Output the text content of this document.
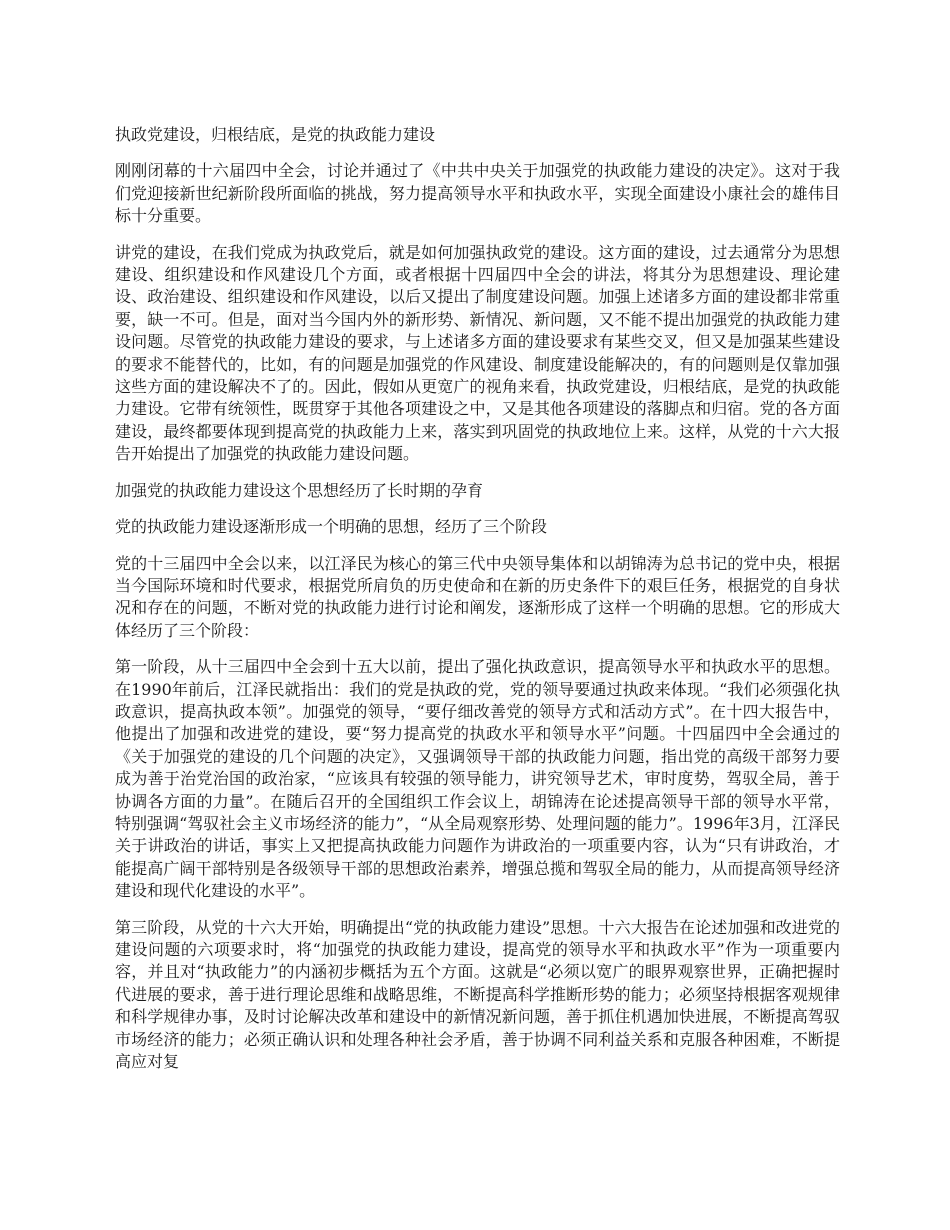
执政党建设，归根结底，是党的执政能力建设
刚刚闭幕的十六届四中全会，讨论并通过了《中共中央关于加强党的执政能力建设的决定》。这对于我们党迎接新世纪新阶段所面临的挑战，努力提高领导水平和执政水平，实现全面建设小康社会的雄伟目标十分重要。
讲党的建设，在我们党成为执政党后，就是如何加强执政党的建设。这方面的建设，过去通常分为思想建设、组织建设和作风建设几个方面，或者根据十四届四中全会的讲法，将其分为思想建设、理论建设、政治建设、组织建设和作风建设，以后又提出了制度建设问题。加强上述诸多方面的建设都非常重要，缺一不可。但是，面对当今国内外的新形势、新情况、新问题，又不能不提出加强党的执政能力建设问题。尽管党的执政能力建设的要求，与上述诸多方面的建设要求有某些交叉，但又是加强某些建设的要求不能替代的，比如，有的问题是加强党的作风建设、制度建设能解决的，有的问题则是仅靠加强这些方面的建设解决不了的。因此，假如从更宽广的视角来看，执政党建设，归根结底，是党的执政能力建设。它带有统领性，既贯穿于其他各项建设之中，又是其他各项建设的落脚点和归宿。党的各方面建设，最终都要体现到提高党的执政能力上来，落实到巩固党的执政地位上来。这样，从党的十六大报告开始提出了加强党的执政能力建设问题。
加强党的执政能力建设这个思想经历了长时期的孕育
党的执政能力建设逐渐形成一个明确的思想，经历了三个阶段
党的十三届四中全会以来，以江泽民为核心的第三代中央领导集体和以胡锦涛为总书记的党中央，根据当今国际环境和时代要求，根据党所肩负的历史使命和在新的历史条件下的艰巨任务，根据党的自身状况和存在的问题，不断对党的执政能力进行讨论和阐发，逐渐形成了这样一个明确的思想。它的形成大体经历了三个阶段：
第一阶段，从十三届四中全会到十五大以前，提出了强化执政意识，提高领导水平和执政水平的思想。在1990年前后，江泽民就指出：我们的党是执政的党，党的领导要通过执政来体现。“我们必须强化执政意识，提高执政本领”。加强党的领导，“要仔细改善党的领导方式和活动方式”。在十四大报告中，他提出了加强和改进党的建设，要“努力提高党的执政水平和领导水平”问题。十四届四中全会通过的《关于加强党的建设的几个问题的决定》，又强调领导干部的执政能力问题，指出党的高级干部努力要成为善于治党治国的政治家，“应该具有较强的领导能力，讲究领导艺术，审时度势，驾驭全局，善于协调各方面的力量”。在随后召开的全国组织工作会议上，胡锦涛在论述提高领导干部的领导水平常，特别强调“驾驭社会主义市场经济的能力”，“从全局观察形势、处理问题的能力”。1996年3月，江泽民关于讲政治的讲话，事实上又把提高执政能力问题作为讲政治的一项重要内容，认为“只有讲政治，才能提高广阔干部特别是各级领导干部的思想政治素养，增强总揽和驾驭全局的能力，从而提高领导经济建设和现代化建设的水平”。
第三阶段，从党的十六大开始，明确提出“党的执政能力建设”思想。十六大报告在论述加强和改进党的建设问题的六项要求时，将“加强党的执政能力建设，提高党的领导水平和执政水平”作为一项重要内容，并且对“执政能力”的内涵初步概括为五个方面。这就是“必须以宽广的眼界观察世界，正确把握时代进展的要求，善于进行理论思维和战略思维，不断提高科学推断形势的能力；必须坚持根据客观规律和科学规律办事，及时讨论解决改革和建设中的新情况新问题，善于抓住机遇加快进展，不断提高驾驭市场经济的能力；必须正确认识和处理各种社会矛盾，善于协调不同利益关系和克服各种困难，不断提高应对复
